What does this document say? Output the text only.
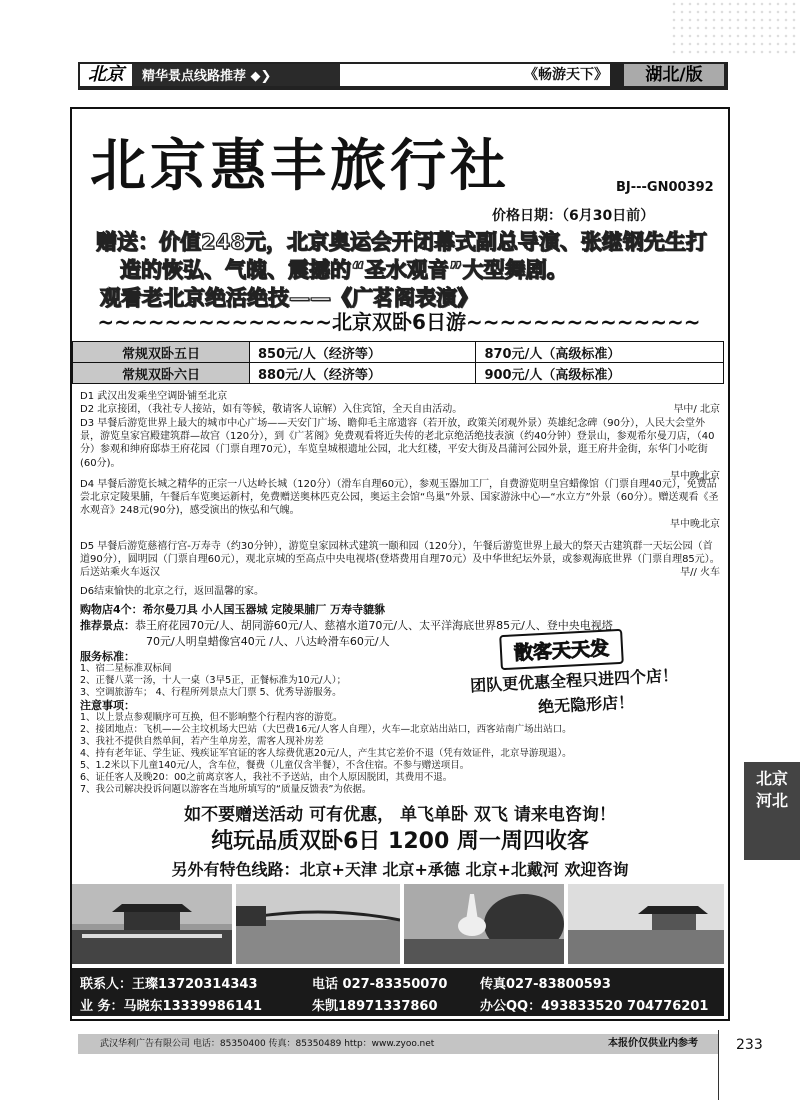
北京 精华景点线路推荐 ◆❯	《畅游天下》	湖北/版
北京惠丰旅行社	BJ---GN00392
价格日期：（6月30日前）
赠送：价值248元，北京奥运会开闭幕式副总导演、张继钢先生打
造的恢弘、气魄、震撼的“圣水观音”大型舞剧。
观看老北京绝活绝技——《广茗阁表演》
~~~~~~~~~~~~~~北京双卧6日游~~~~~~~~~~~~~~
常规双卧五日	850元/人（经济等）	870元/人（高级标准）
常规双卧六日	880元/人（经济等）	900元/人（高级标准）
D1 武汉出发乘坐空调卧铺至北京
D2 北京接团，（我社专人接站，如有等候，敬请客人谅解）入住宾馆，全天自由活动。	早中/ 北京
D3 早餐后游览世界上最大的城市中心广场——天安门广场、瞻仰毛主席遗容（若开放，政策关闭观外景）英雄纪念碑（90分），人民大会堂外景，游览皇家宫殿建筑群—故宫（120分），到《广茗阁》免费观看将近失传的老北京绝活绝技表演（约40分钟）登景山，参观希尔曼刀店，（40分）参观和绅府邸恭王府花园（门票自理70元），车览皇城根遗址公园，北大红楼，平安大街及昌蒲河公园外景，逛王府井金街，东华门小吃街(60分)。
早中晚北京
D4 早餐后游览长城之精华的正宗一八达岭长城（120分）（滑车自理60元），参观玉器加工厂，自费游览明皇宫蜡像馆（门票自理40元），免费品尝北京定陵果脯，午餐后车览奥运新村，免费赠送奥林匹克公园，奥运主会馆“鸟巢”外景、国家游泳中心—“水立方”外景（60分）。赠送观看《圣水观音》248元(90分)，感受演出的恢弘和气魄。
早中晚北京
D5 早餐后游览慈禧行宫-万寿寺（约30分钟），游览皇家园林式建筑一颐和园（120分），午餐后游览世界上最大的祭天古建筑群一天坛公园（首道90分），圆明园（门票自理60元），观北京城的至高点中央电视塔(登塔费用自理70元）及中华世纪坛外景，或参观海底世界（门票自理85元）。后送站乘火车返汉	早// 火车
D6结束愉快的北京之行，返回温馨的家。
购物店4个：希尔曼刀具 小人国玉器城 定陵果脯厂 万寿寺貔貅
推荐景点：恭王府花园70元/人、胡同游60元/人、慈禧水道70元/人、太平洋海底世界85元/人、登中央电视塔
70元/人明皇蜡像宫40元 /人、八达岭滑车60元/人
服务标准：
1、宿二星标准双标间
2、正餐八菜一汤，十人一桌（3早5正，正餐标准为10元/人）；
3、空调旅游车； 4、行程所列景点大门票 5、优秀导游服务。
注意事项：
1、以上景点参观顺序可互换，但不影响整个行程内容的游览。
2、接团地点：飞机——公主坟机场大巴站（大巴费16元/人客人自理），火车—北京站出站口，西客站南广场出站口。
3、我社不提供自然单间，若产生单房差，需客人现补房差
4、持有老年证、学生证、残疾证军官证的客人综费优惠20元/人，产生其它差价不退（凭有效证件，北京导游现退）。
5、1.2米以下儿童140元/人，含车位，餐费（儿童仅含半餐），不含住宿。不参与赠送项目。
6、证任客人及晚20：00之前离京客人，我社不予送站，由个人原因脱团，其费用不退。
7、我公司解决投诉问题以游客在当地所填写的“质量反馈表”为依据。
散客天天发
团队更优惠全程只进四个店！
绝无隐形店！
如不要赠送活动 可有优惠， 单飞单卧 双飞 请来电咨询！
纯玩品质双卧6日 1200 周一周四收客
另外有特色线路：北京+天津 北京+承德 北京+北戴河 欢迎咨询
联系人：王璨13720314343	电话 027-83350070	传真027-83800593
业 务：马晓东13339986141	朱凯18971337860	办公QQ：493833520 704776201
北京
河北
武汉华利广告有限公司 电话：85350400 传真：85350489 http：www.zyoo.net	本报价仅供业内参考	233
